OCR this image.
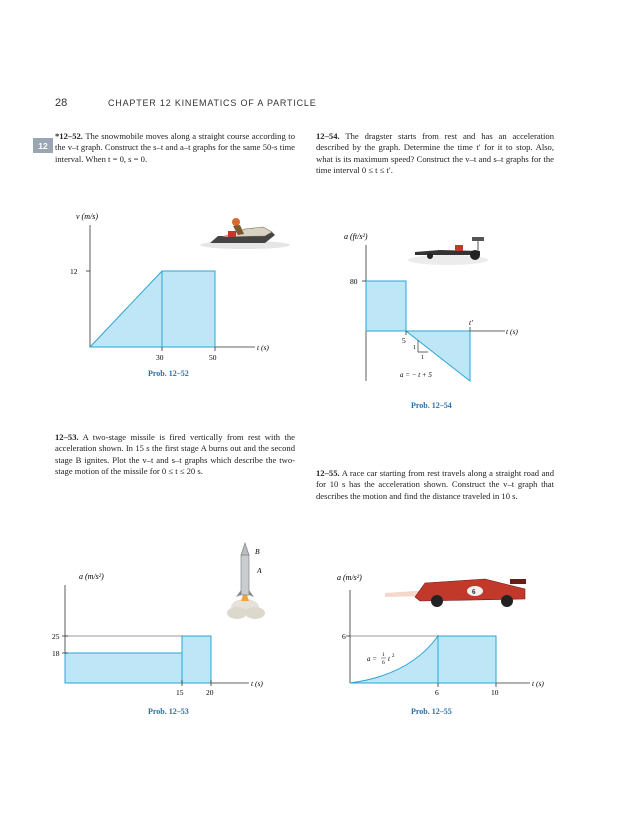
28	CHAPTER 12 KINEMATICS OF A PARTICLE
12
*12–52. The snowmobile moves along a straight course according to the v–t graph. Construct the s–t and a–t graphs for the same 50-s time interval. When t = 0, s = 0.
12–54. The dragster starts from rest and has an acceleration described by the graph. Determine the time t′ for it to stop. Also, what is its maximum speed? Construct the v–t and s–t graphs for the time interval 0 ≤ t ≤ t′.
12–53. A two-stage missile is fired vertically from rest with the acceleration shown. In 15 s the first stage A burns out and the second stage B ignites. Plot the v–t and s–t graphs which describe the two-stage motion of the missile for 0 ≤ t ≤ 20 s.	12–55. A race car starting from rest travels along a straight road and for 10 s has the acceleration shown. Construct the v–t graph that describes the motion and find the distance traveled in 10 s.
Prob. 12–52
Prob. 12–54
Prob. 12–53	Prob. 12–55
v (m/s)
12
30	50
t (s)
a (ft/s²)
80
5
t′
1
1
a = − t + 5
t (s)
B
A
a (m/s²)
25
18
15	20
t (s)
6
a (m/s²)
6
6	10
t (s)
a = 1
6 t 2
